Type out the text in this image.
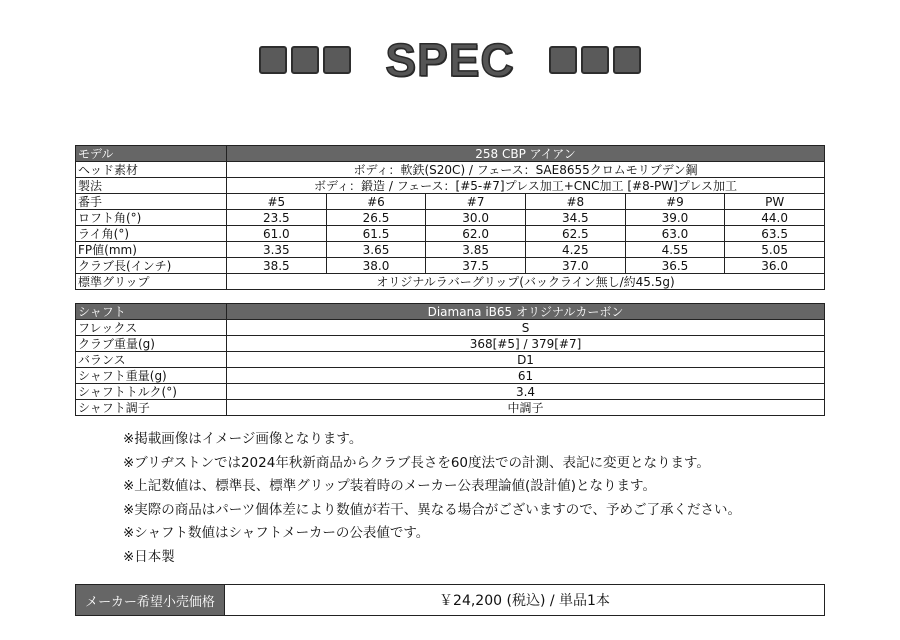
SPEC
モデル	258 CBP アイアン					
ヘッド素材	ボディ：軟鉄(S20C) / フェース：SAE8655クロムモリブデン鋼					
製法	ボディ：鍛造 / フェース：[#5-#7]プレス加工+CNC加工 [#8-PW]プレス加工					
番手	#5	#6	#7	#8	#9	PW
ロフト角(°)	23.5	26.5	30.0	34.5	39.0	44.0
ライ角(°)	61.0	61.5	62.0	62.5	63.0	63.5
FP値(mm)	3.35	3.65	3.85	4.25	4.55	5.05
クラブ長(インチ)	38.5	38.0	37.5	37.0	36.5	36.0
標準グリップ	オリジナルラバーグリップ(バックライン無し/約45.5g)					
シャフト	Diamana iB65 オリジナルカーボン
フレックス	S
クラブ重量(g)	368[#5] / 379[#7]
バランス	D1
シャフト重量(g)	61
シャフトトルク(°)	3.4
シャフト調子	中調子
※掲載画像はイメージ画像となります。
※ブリヂストンでは2024年秋新商品からクラブ長さを60度法での計測、表記に変更となります。
※上記数値は、標準長、標準グリップ装着時のメーカー公表理論値(設計値)となります。
※実際の商品はパーツ個体差により数値が若干、異なる場合がございますので、予めご了承ください。
※シャフト数値はシャフトメーカーの公表値です。
※日本製
メーカー希望小売価格	￥24,200 (税込) / 単品1本
